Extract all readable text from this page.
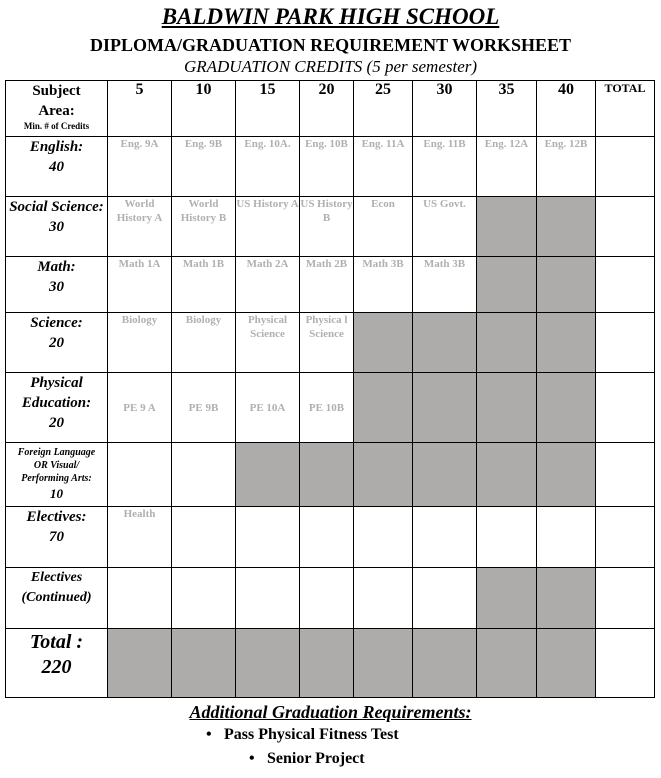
BALDWIN PARK HIGH SCHOOL
DIPLOMA/GRADUATION REQUIREMENT WORKSHEET
GRADUATION CREDITS (5 per semester)
Subject
Area:
Min. # of Credits	5	10	15	20	25	30	35	40	TOTAL
English:
40	Eng. 9A	Eng. 9B	Eng. 10A.	Eng. 10B	Eng. 11A	Eng. 11B	Eng. 12A	Eng. 12B	
Social Science:
30	World History A	World History B	US History A	US History B	Econ	US Govt.			
Math:
30	Math 1A	Math 1B	Math 2A	Math 2B	Math 3B	Math 3B			
Science:
20	Biology	Biology	Physical Science	Physica l Science					
Physical Education:
20	PE 9 A	PE 9B	PE 10A	PE 10B					
Foreign Language
OR Visual/
Performing Arts:
10									
Electives:
70	Health								
Electives
(Continued)									
Total :
220									
Additional Graduation Requirements:
• Pass Physical Fitness Test
• Senior Project
